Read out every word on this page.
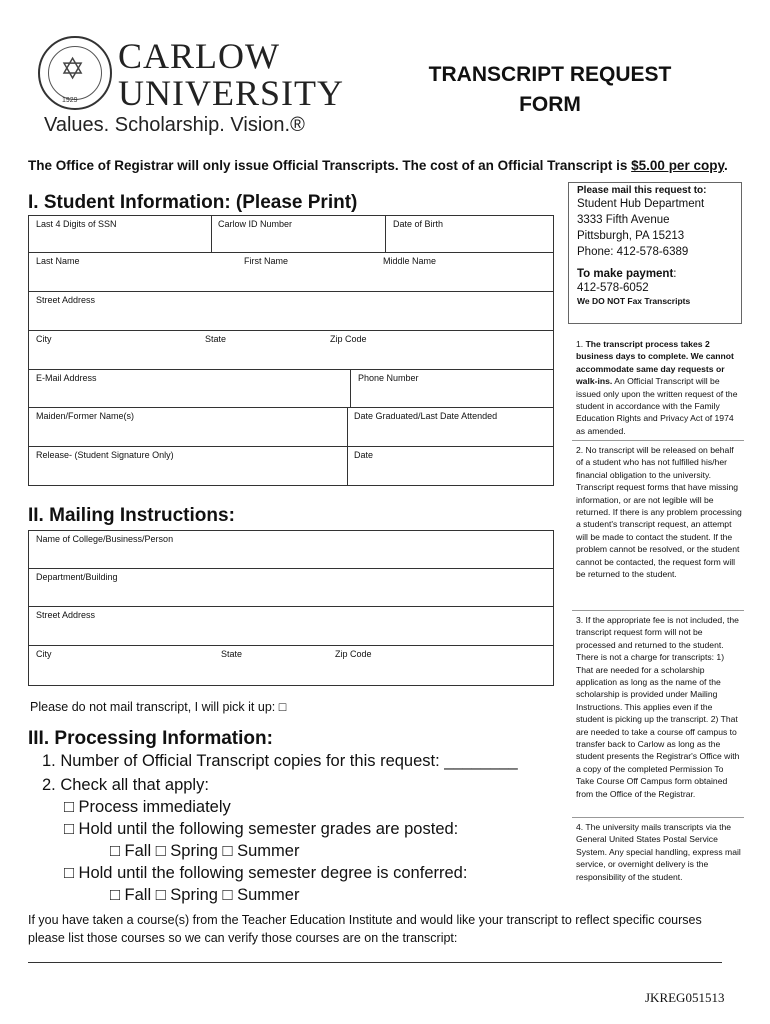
✡
1929
CARLOW
UNIVERSITY
Values. Scholarship. Vision.®
TRANSCRIPT REQUEST
FORM
The Office of Registrar will only issue Official Transcripts. The cost of an Official Transcript is $5.00 per copy.
I. Student Information: (Please Print)
Last 4 Digits of SSN	Carlow ID Number	Date of Birth
Last Name	First Name	Middle Name
Street Address
City	State	Zip Code
E-Mail Address	Phone Number
Maiden/Former Name(s)	Date Graduated/Last Date Attended
Release- (Student Signature Only)	Date
II. Mailing Instructions:
Name of College/Business/Person
Department/Building
Street Address
City	State	Zip Code
Please do not mail transcript, I will pick it up: □
III. Processing Information:
1. Number of Official Transcript copies for this request: ________
2. Check all that apply:
□ Process immediately
□ Hold until the following semester grades are posted:
□ Fall □ Spring □ Summer
□ Hold until the following semester degree is conferred:
□ Fall □ Spring □ Summer
If you have taken a course(s) from the Teacher Education Institute and would like your transcript to reflect specific courses
please list those courses so we can verify those courses are on the transcript:
Please mail this request to:
Student Hub Department
3333 Fifth Avenue
Pittsburgh, PA 15213
Phone: 412-578-6389
To make payment:
412-578-6052
We DO NOT Fax Transcripts
1. The transcript process takes 2 business days to complete. We cannot accommodate same day requests or walk-ins. An Official Transcript will be issued only upon the written request of the student in accordance with the Family Education Rights and Privacy Act of 1974 as amended.
2. No transcript will be released on behalf of a student who has not fulfilled his/her financial obligation to the university. Transcript request forms that have missing information, or are not legible will be returned. If there is any problem processing a student's transcript request, an attempt will be made to contact the student. If the problem cannot be resolved, or the student cannot be contacted, the request form will be returned to the student.
3. If the appropriate fee is not included, the transcript request form will not be processed and returned to the student. There is not a charge for transcripts: 1) That are needed for a scholarship application as long as the name of the scholarship is provided under Mailing Instructions. This applies even if the student is picking up the transcript. 2) That are needed to take a course off campus to transfer back to Carlow as long as the student presents the Registrar's Office with a copy of the completed Permission To Take Course Off Campus form obtained from the Office of the Registrar.
4. The university mails transcripts via the General United States Postal Service System. Any special handling, express mail service, or overnight delivery is the responsibility of the student.
JKREG051513
